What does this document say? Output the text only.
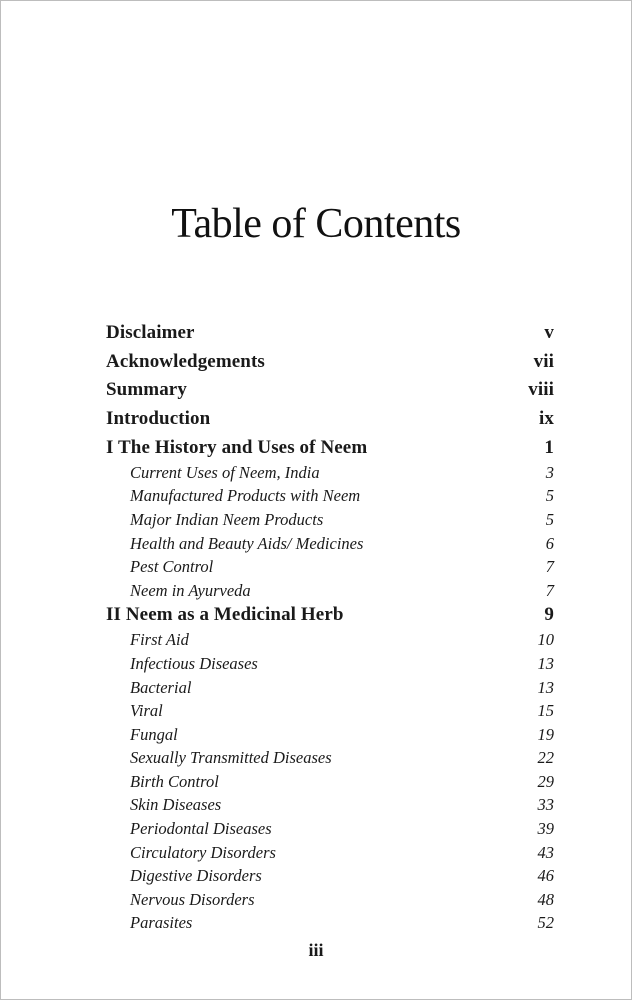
Table of Contents
Disclaimer	v
Acknowledgements	vii
Summary	viii
Introduction	ix
I The History and Uses of Neem	1
Current Uses of Neem, India	3
Manufactured Products with Neem	5
Major Indian Neem Products	5
Health and Beauty Aids/ Medicines	6
Pest Control	7
Neem in Ayurveda	7
II Neem as a Medicinal Herb	9
First Aid	10
Infectious Diseases	13
Bacterial	13
Viral	15
Fungal	19
Sexually Transmitted Diseases	22
Birth Control	29
Skin Diseases	33
Periodontal Diseases	39
Circulatory Disorders	43
Digestive Disorders	46
Nervous Disorders	48
Parasites	52
iii
